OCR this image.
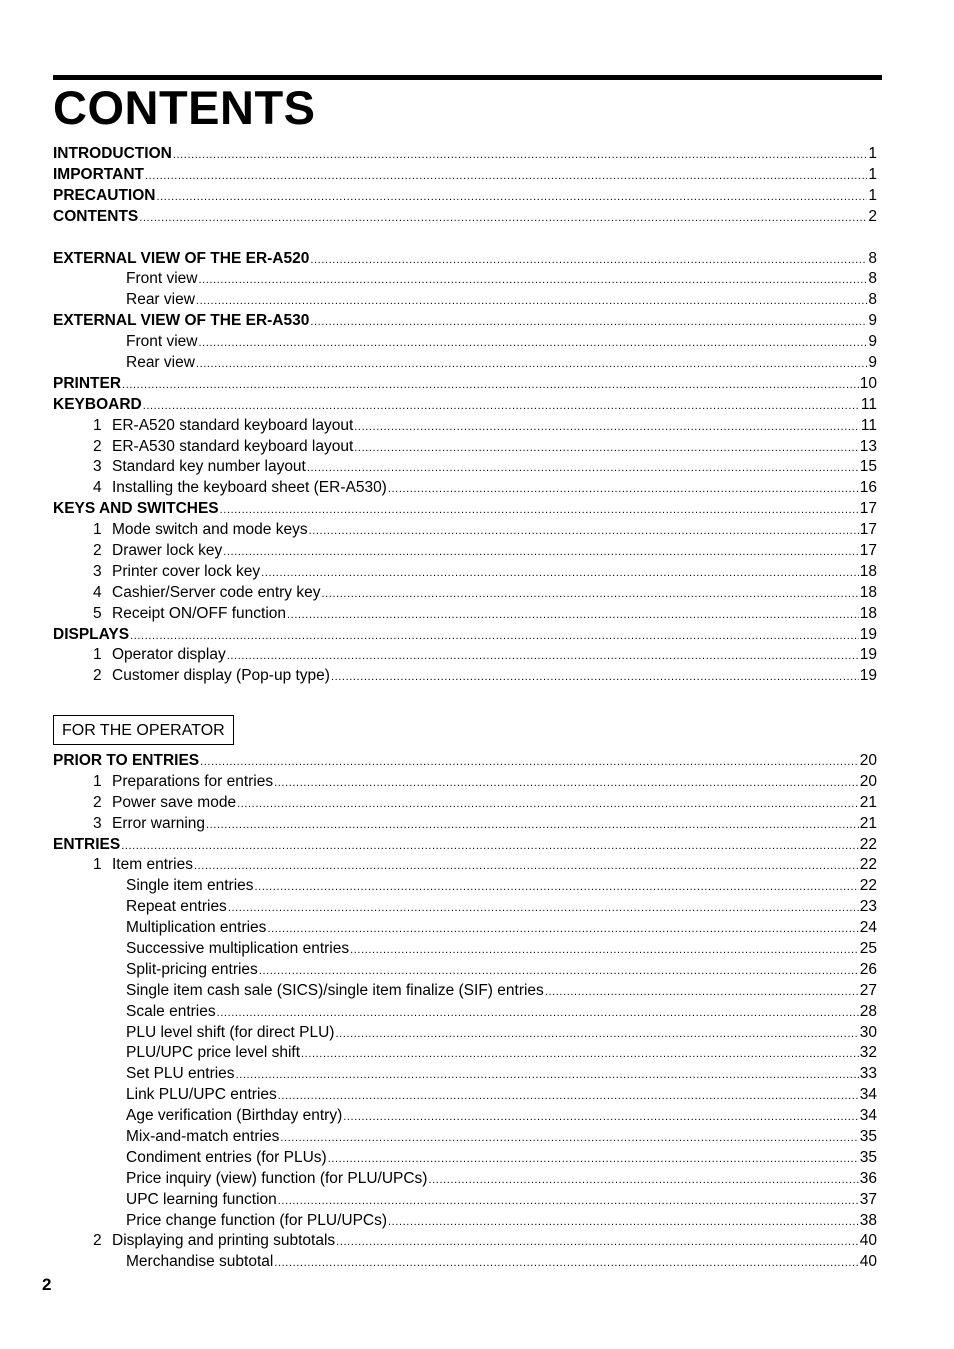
CONTENTS
INTRODUCTION .....	1
IMPORTANT .....	1
PRECAUTION .....	1
CONTENTS .....	2
EXTERNAL VIEW OF THE ER-A520 .....	8
Front view .....	8
Rear view .....	8
EXTERNAL VIEW OF THE ER-A530 .....	9
Front view .....	9
Rear view .....	9
PRINTER .....	10
KEYBOARD .....	11
1 ER-A520 standard keyboard layout .....	11
2 ER-A530 standard keyboard layout .....	13
3 Standard key number layout .....	15
4 Installing the keyboard sheet (ER-A530) .....	16
KEYS AND SWITCHES .....	17
1 Mode switch and mode keys .....	17
2 Drawer lock key .....	17
3 Printer cover lock key .....	18
4 Cashier/Server code entry key .....	18
5 Receipt ON/OFF function .....	18
DISPLAYS .....	19
1 Operator display .....	19
2 Customer display (Pop-up type) .....	19
FOR THE OPERATOR
PRIOR TO ENTRIES .....	20
1 Preparations for entries .....	20
2 Power save mode .....	21
3 Error warning .....	21
ENTRIES .....	22
1 Item entries .....	22
Single item entries .....	22
Repeat entries .....	23
Multiplication entries .....	24
Successive multiplication entries .....	25
Split-pricing entries .....	26
Single item cash sale (SICS)/single item finalize (SIF) entries .....	27
Scale entries .....	28
PLU level shift (for direct PLU) .....	30
PLU/UPC price level shift .....	32
Set PLU entries .....	33
Link PLU/UPC entries .....	34
Age verification (Birthday entry) .....	34
Mix-and-match entries .....	35
Condiment entries (for PLUs) .....	35
Price inquiry (view) function (for PLU/UPCs) .....	36
UPC learning function .....	37
Price change function (for PLU/UPCs) .....	38
2 Displaying and printing subtotals .....	40
Merchandise subtotal .....	40
2
